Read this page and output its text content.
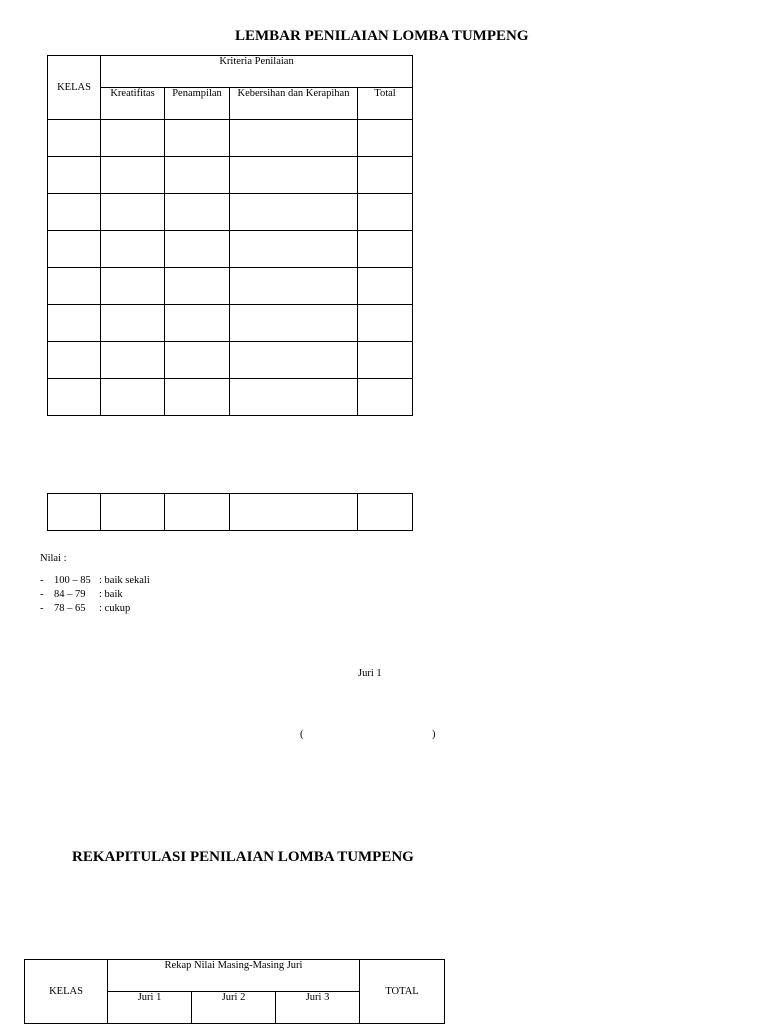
LEMBAR PENILAIAN LOMBA TUMPENG
KELAS	Kriteria Penilaian			
	Kreatifitas	Penampilan	Kebersihan dan Kerapihan	Total

Nilai :
- 100 – 85 : baik sekali
- 84 – 79 : baik
- 78 – 65 : cukup
Juri 1
(	)
REKAPITULASI PENILAIAN LOMBA TUMPENG
KELAS	Rekap Nilai Masing-Masing Juri			TOTAL
	Juri 1	Juri 2	Juri 3	
